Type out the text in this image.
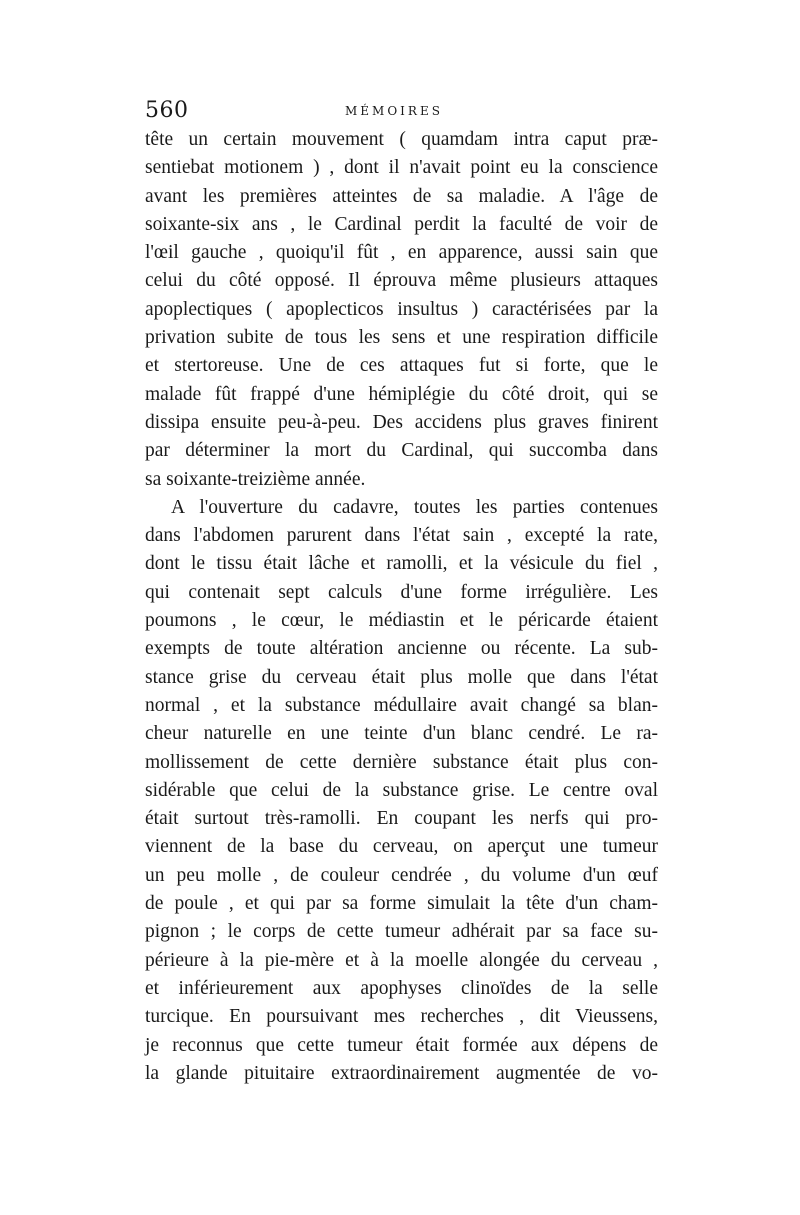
560	MÉMOIRES
tête un certain mouvement ( quamdam intra caput præ-
sentiebat motionem ) , dont il n'avait point eu la conscience
avant les premières atteintes de sa maladie. A l'âge de
soixante-six ans , le Cardinal perdit la faculté de voir de
l'œil gauche , quoiqu'il fût , en apparence, aussi sain que
celui du côté opposé. Il éprouva même plusieurs attaques
apoplectiques ( apoplecticos insultus ) caractérisées par la
privation subite de tous les sens et une respiration difficile
et stertoreuse. Une de ces attaques fut si forte, que le
malade fût frappé d'une hémiplégie du côté droit, qui se
dissipa ensuite peu-à-peu. Des accidens plus graves finirent
par déterminer la mort du Cardinal, qui succomba dans
sa soixante-treizième année.
A l'ouverture du cadavre, toutes les parties contenues
dans l'abdomen parurent dans l'état sain , excepté la rate,
dont le tissu était lâche et ramolli, et la vésicule du fiel ,
qui contenait sept calculs d'une forme irrégulière. Les
poumons , le cœur, le médiastin et le péricarde étaient
exempts de toute altération ancienne ou récente. La sub-
stance grise du cerveau était plus molle que dans l'état
normal , et la substance médullaire avait changé sa blan-
cheur naturelle en une teinte d'un blanc cendré. Le ra-
mollissement de cette dernière substance était plus con-
sidérable que celui de la substance grise. Le centre oval
était surtout très-ramolli. En coupant les nerfs qui pro-
viennent de la base du cerveau, on aperçut une tumeur
un peu molle , de couleur cendrée , du volume d'un œuf
de poule , et qui par sa forme simulait la tête d'un cham-
pignon ; le corps de cette tumeur adhérait par sa face su-
périeure à la pie-mère et à la moelle alongée du cerveau ,
et inférieurement aux apophyses clinoïdes de la selle
turcique. En poursuivant mes recherches , dit Vieussens,
je reconnus que cette tumeur était formée aux dépens de
la glande pituitaire extraordinairement augmentée de vo-
